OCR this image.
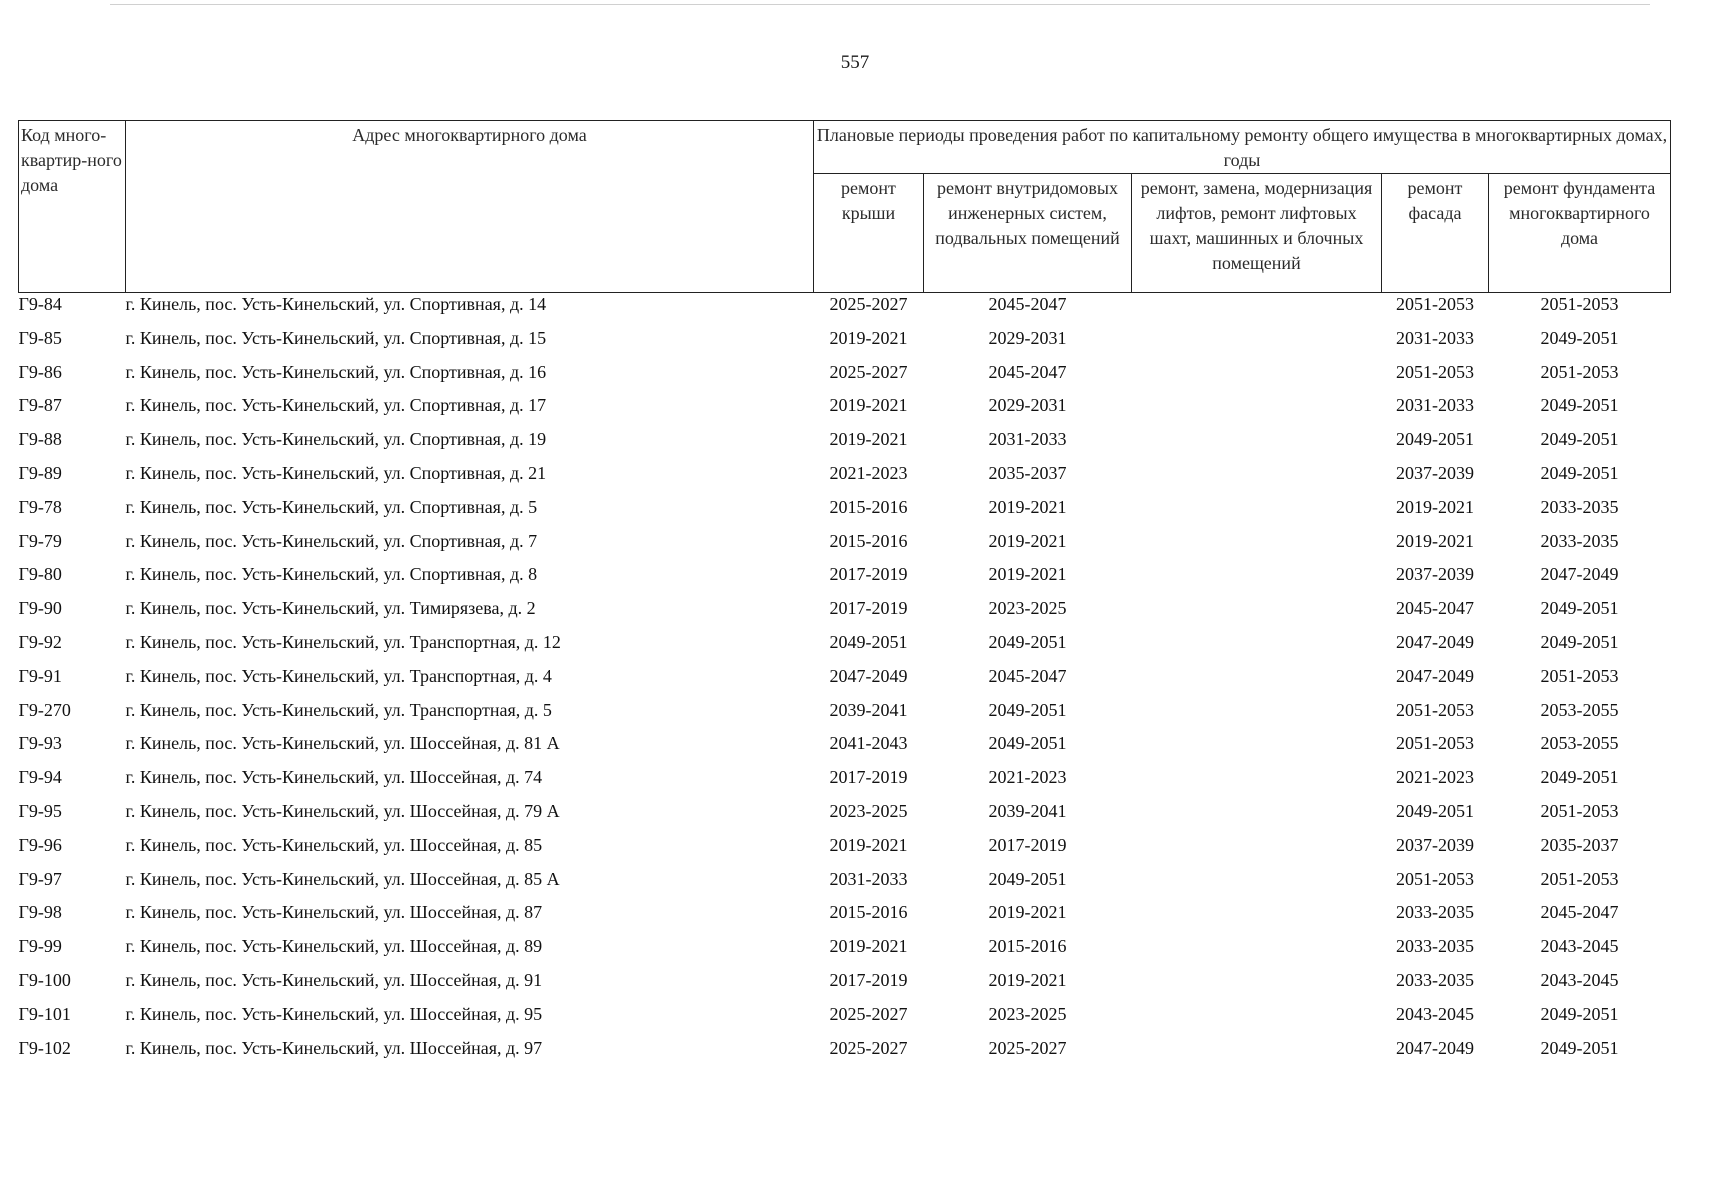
557
Код много-квартир-ного дома	Адрес многоквартирного дома	Плановые периоды проведения работ по капитальному ремонту общего имущества в многоквартирных домах, годы				
		ремонт крыши	ремонт внутридомовых инженерных систем, подвальных помещений	ремонт, замена, модернизация лифтов, ремонт лифтовых шахт, машинных и блочных помещений	ремонт фасада	ремонт фундамента многоквартирного дома
Г9-84	г. Кинель, пос. Усть-Кинельский, ул. Спортивная, д. 14	2025-2027	2045-2047		2051-2053	2051-2053
Г9-85	г. Кинель, пос. Усть-Кинельский, ул. Спортивная, д. 15	2019-2021	2029-2031		2031-2033	2049-2051
Г9-86	г. Кинель, пос. Усть-Кинельский, ул. Спортивная, д. 16	2025-2027	2045-2047		2051-2053	2051-2053
Г9-87	г. Кинель, пос. Усть-Кинельский, ул. Спортивная, д. 17	2019-2021	2029-2031		2031-2033	2049-2051
Г9-88	г. Кинель, пос. Усть-Кинельский, ул. Спортивная, д. 19	2019-2021	2031-2033		2049-2051	2049-2051
Г9-89	г. Кинель, пос. Усть-Кинельский, ул. Спортивная, д. 21	2021-2023	2035-2037		2037-2039	2049-2051
Г9-78	г. Кинель, пос. Усть-Кинельский, ул. Спортивная, д. 5	2015-2016	2019-2021		2019-2021	2033-2035
Г9-79	г. Кинель, пос. Усть-Кинельский, ул. Спортивная, д. 7	2015-2016	2019-2021		2019-2021	2033-2035
Г9-80	г. Кинель, пос. Усть-Кинельский, ул. Спортивная, д. 8	2017-2019	2019-2021		2037-2039	2047-2049
Г9-90	г. Кинель, пос. Усть-Кинельский, ул. Тимирязева, д. 2	2017-2019	2023-2025		2045-2047	2049-2051
Г9-92	г. Кинель, пос. Усть-Кинельский, ул. Транспортная, д. 12	2049-2051	2049-2051		2047-2049	2049-2051
Г9-91	г. Кинель, пос. Усть-Кинельский, ул. Транспортная, д. 4	2047-2049	2045-2047		2047-2049	2051-2053
Г9-270	г. Кинель, пос. Усть-Кинельский, ул. Транспортная, д. 5	2039-2041	2049-2051		2051-2053	2053-2055
Г9-93	г. Кинель, пос. Усть-Кинельский, ул. Шоссейная, д. 81 А	2041-2043	2049-2051		2051-2053	2053-2055
Г9-94	г. Кинель, пос. Усть-Кинельский, ул. Шоссейная, д. 74	2017-2019	2021-2023		2021-2023	2049-2051
Г9-95	г. Кинель, пос. Усть-Кинельский, ул. Шоссейная, д. 79 А	2023-2025	2039-2041		2049-2051	2051-2053
Г9-96	г. Кинель, пос. Усть-Кинельский, ул. Шоссейная, д. 85	2019-2021	2017-2019		2037-2039	2035-2037
Г9-97	г. Кинель, пос. Усть-Кинельский, ул. Шоссейная, д. 85 А	2031-2033	2049-2051		2051-2053	2051-2053
Г9-98	г. Кинель, пос. Усть-Кинельский, ул. Шоссейная, д. 87	2015-2016	2019-2021		2033-2035	2045-2047
Г9-99	г. Кинель, пос. Усть-Кинельский, ул. Шоссейная, д. 89	2019-2021	2015-2016		2033-2035	2043-2045
Г9-100	г. Кинель, пос. Усть-Кинельский, ул. Шоссейная, д. 91	2017-2019	2019-2021		2033-2035	2043-2045
Г9-101	г. Кинель, пос. Усть-Кинельский, ул. Шоссейная, д. 95	2025-2027	2023-2025		2043-2045	2049-2051
Г9-102	г. Кинель, пос. Усть-Кинельский, ул. Шоссейная, д. 97	2025-2027	2025-2027		2047-2049	2049-2051
